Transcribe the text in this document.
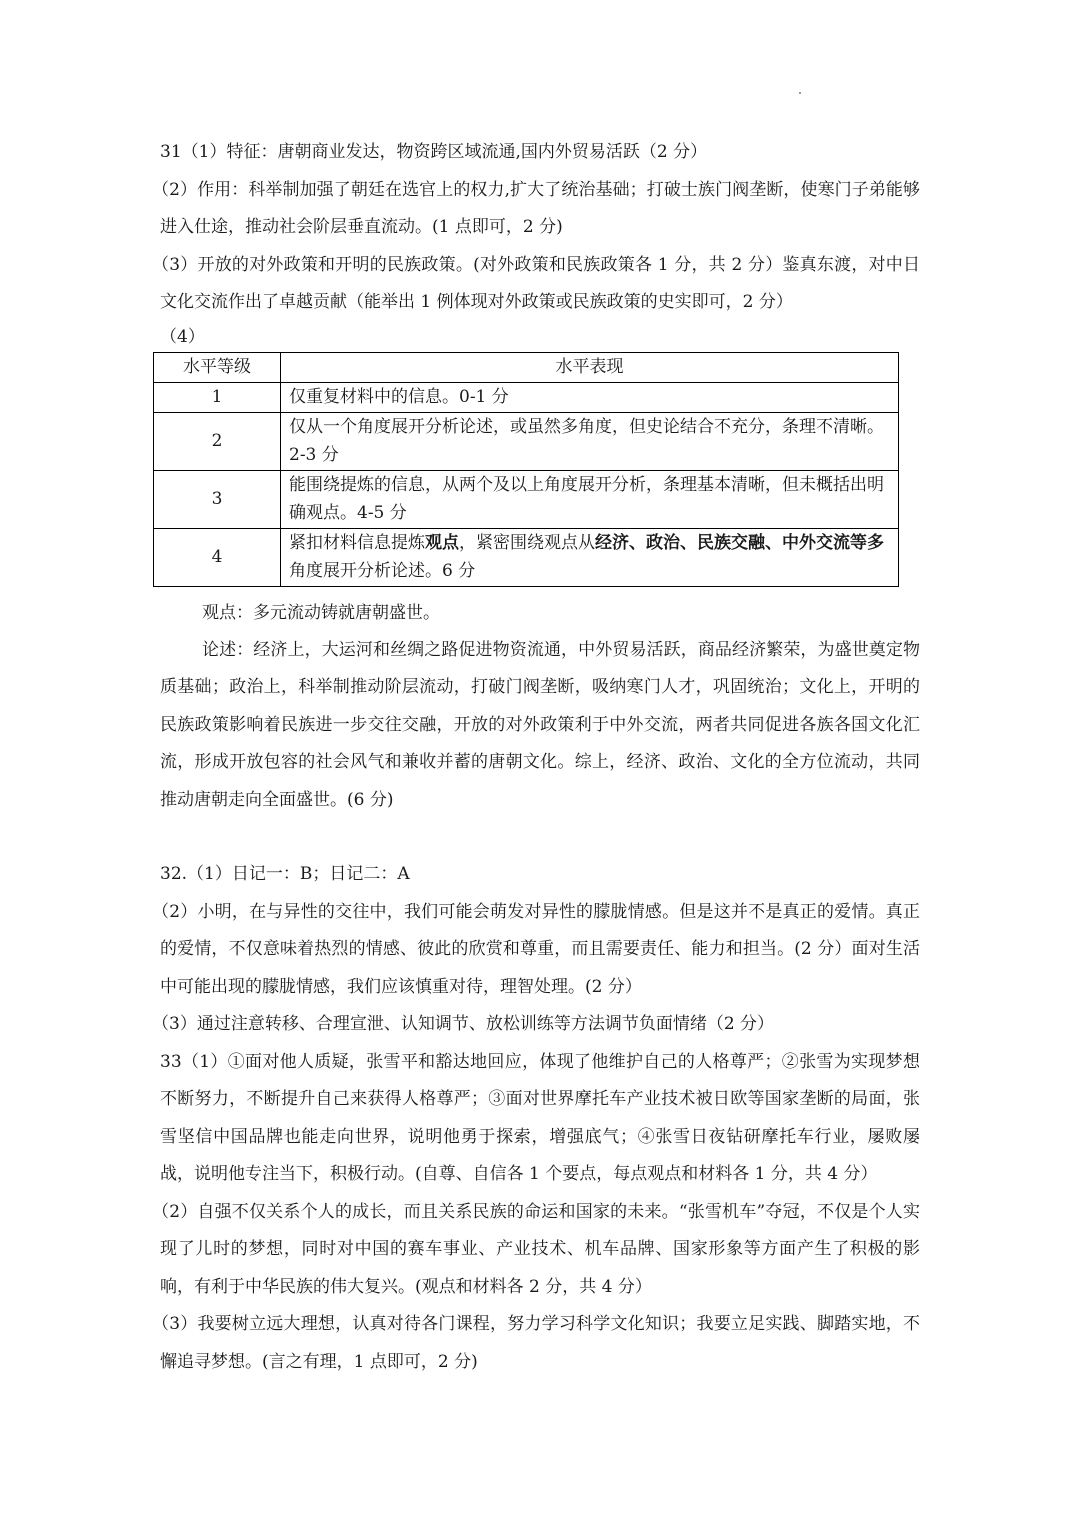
31（1）特征：唐朝商业发达，物资跨区域流通,国内外贸易活跃（2 分）

（2）作用：科举制加强了朝廷在选官上的权力,扩大了统治基础；打破士族门阀垄断，使寒门子弟能够进入仕途，推动社会阶层垂直流动。(1 点即可，2 分)

（3）开放的对外政策和开明的民族政策。(对外政策和民族政策各 1 分，共 2 分）鉴真东渡，对中日文化交流作出了卓越贡献（能举出 1 例体现对外政策或民族政策的史实即可，2 分）

（4）

水平等级	水平表现
1	仅重复材料中的信息。0-1 分
2	仅从一个角度展开分析论述，或虽然多角度，但史论结合不充分，条理不清晰。2-3 分
3	能围绕提炼的信息，从两个及以上角度展开分析，条理基本清晰，但未概括出明确观点。4-5 分
4	紧扣材料信息提炼观点，紧密围绕观点从经济、政治、民族交融、中外交流等多角度展开分析论述。6 分

观点：多元流动铸就唐朝盛世。

论述：经济上，大运河和丝绸之路促进物资流通，中外贸易活跃，商品经济繁荣，为盛世奠定物质基础；政治上，科举制推动阶层流动，打破门阀垄断，吸纳寒门人才，巩固统治；文化上，开明的民族政策影响着民族进一步交往交融，开放的对外政策利于中外交流，两者共同促进各族各国文化汇流，形成开放包容的社会风气和兼收并蓄的唐朝文化。综上，经济、政治、文化的全方位流动，共同推动唐朝走向全面盛世。(6 分)

32.（1）日记一：B；日记二：A

（2）小明，在与异性的交往中，我们可能会萌发对异性的朦胧情感。但是这并不是真正的爱情。真正的爱情，不仅意味着热烈的情感、彼此的欣赏和尊重，而且需要责任、能力和担当。(2 分）面对生活中可能出现的朦胧情感，我们应该慎重对待，理智处理。(2 分）

（3）通过注意转移、合理宣泄、认知调节、放松训练等方法调节负面情绪（2 分）

33（1）①面对他人质疑，张雪平和豁达地回应，体现了他维护自己的人格尊严；②张雪为实现梦想不断努力，不断提升自己来获得人格尊严；③面对世界摩托车产业技术被日欧等国家垄断的局面，张雪坚信中国品牌也能走向世界，说明他勇于探索，增强底气；④张雪日夜钻研摩托车行业，屡败屡战，说明他专注当下，积极行动。(自尊、自信各 1 个要点，每点观点和材料各 1 分，共 4 分）

（2）自强不仅关系个人的成长，而且关系民族的命运和国家的未来。“张雪机车”夺冠，不仅是个人实现了儿时的梦想，同时对中国的赛车事业、产业技术、机车品牌、国家形象等方面产生了积极的影响，有利于中华民族的伟大复兴。(观点和材料各 2 分，共 4 分）

（3）我要树立远大理想，认真对待各门课程，努力学习科学文化知识；我要立足实践、脚踏实地，不懈追寻梦想。(言之有理，1 点即可，2 分)
